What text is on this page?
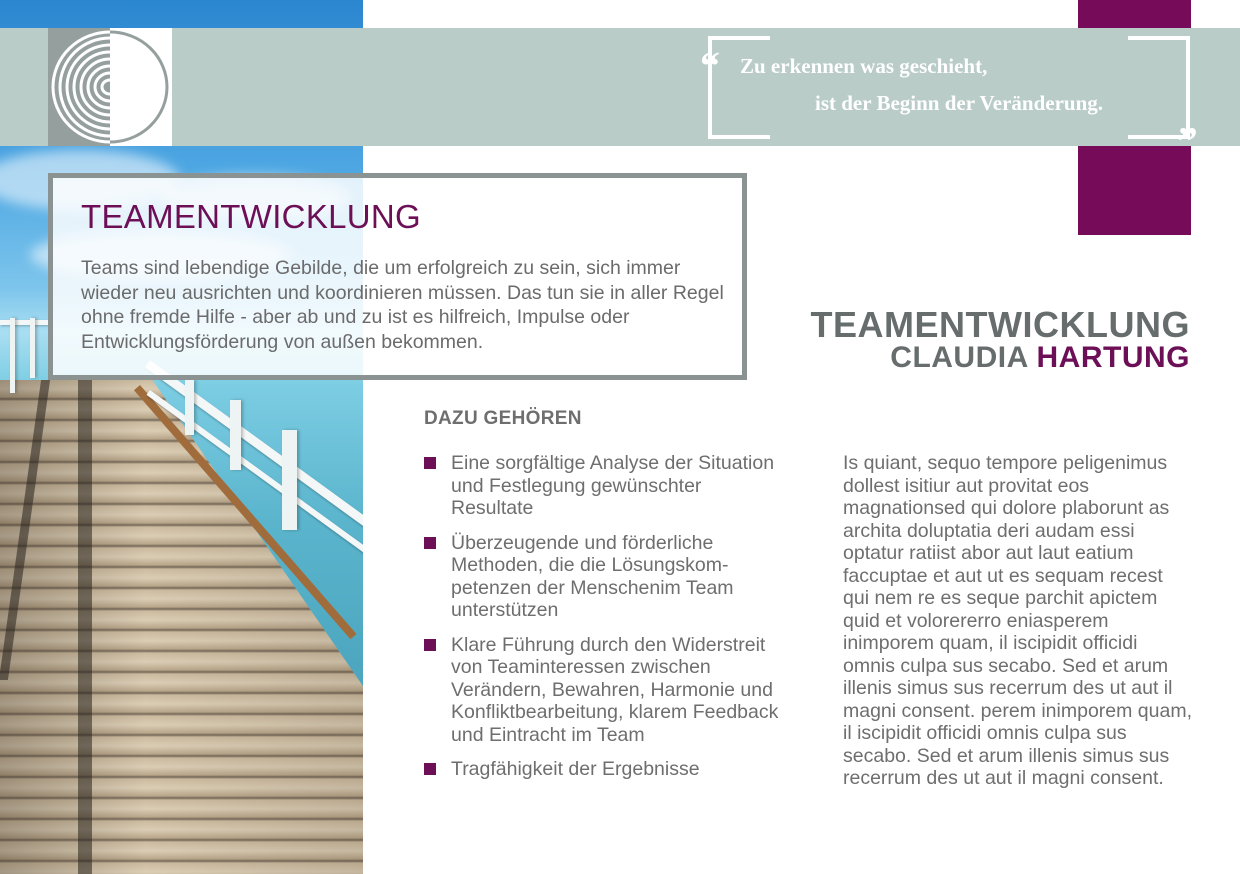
“ Zu erkennen was geschieht,
ist der Beginn der Veränderung. „
TEAMENTWICKLUNG
Teams sind lebendige Gebilde, die um erfolgreich zu sein, sich immer wieder neu ausrichten und koordinieren müssen. Das tun sie in aller Regel ohne fremde Hilfe - aber ab und zu ist es hilfreich, Impulse oder Entwicklungsförderung von außen bekommen.	TEAMENTWICKLUNG
CLAUDIA HARTUNG
DAZU GEHÖREN
Eine sorgfältige Analyse der Situation und Festlegung gewünschter Resultate
Überzeugende und förderliche Methoden, die die Lösungskompetenzen der Menschenim Team unterstützen
Klare Führung durch den Widerstreit von Teaminteressen zwischen Verändern, Bewahren, Harmonie und Konfliktbearbeitung, klarem Feedback und Eintracht im Team
Tragfähigkeit der Ergebnisse
Is quiant, sequo tempore peligenimus dollest isitiur aut provitat eos magnationsed qui dolore plaborunt as archita doluptatia deri audam essi optatur ratiist abor aut laut eatium faccuptae et aut ut es sequam recest qui nem re es seque parchit apictem quid et volorererro eniasperem inimporem quam, il iscipidit officidi omnis culpa sus secabo. Sed et arum illenis simus sus recerrum des ut aut il magni consent. perem inimporem quam, il iscipidit officidi omnis culpa sus secabo. Sed et arum illenis simus sus recerrum des ut aut il magni consent.
